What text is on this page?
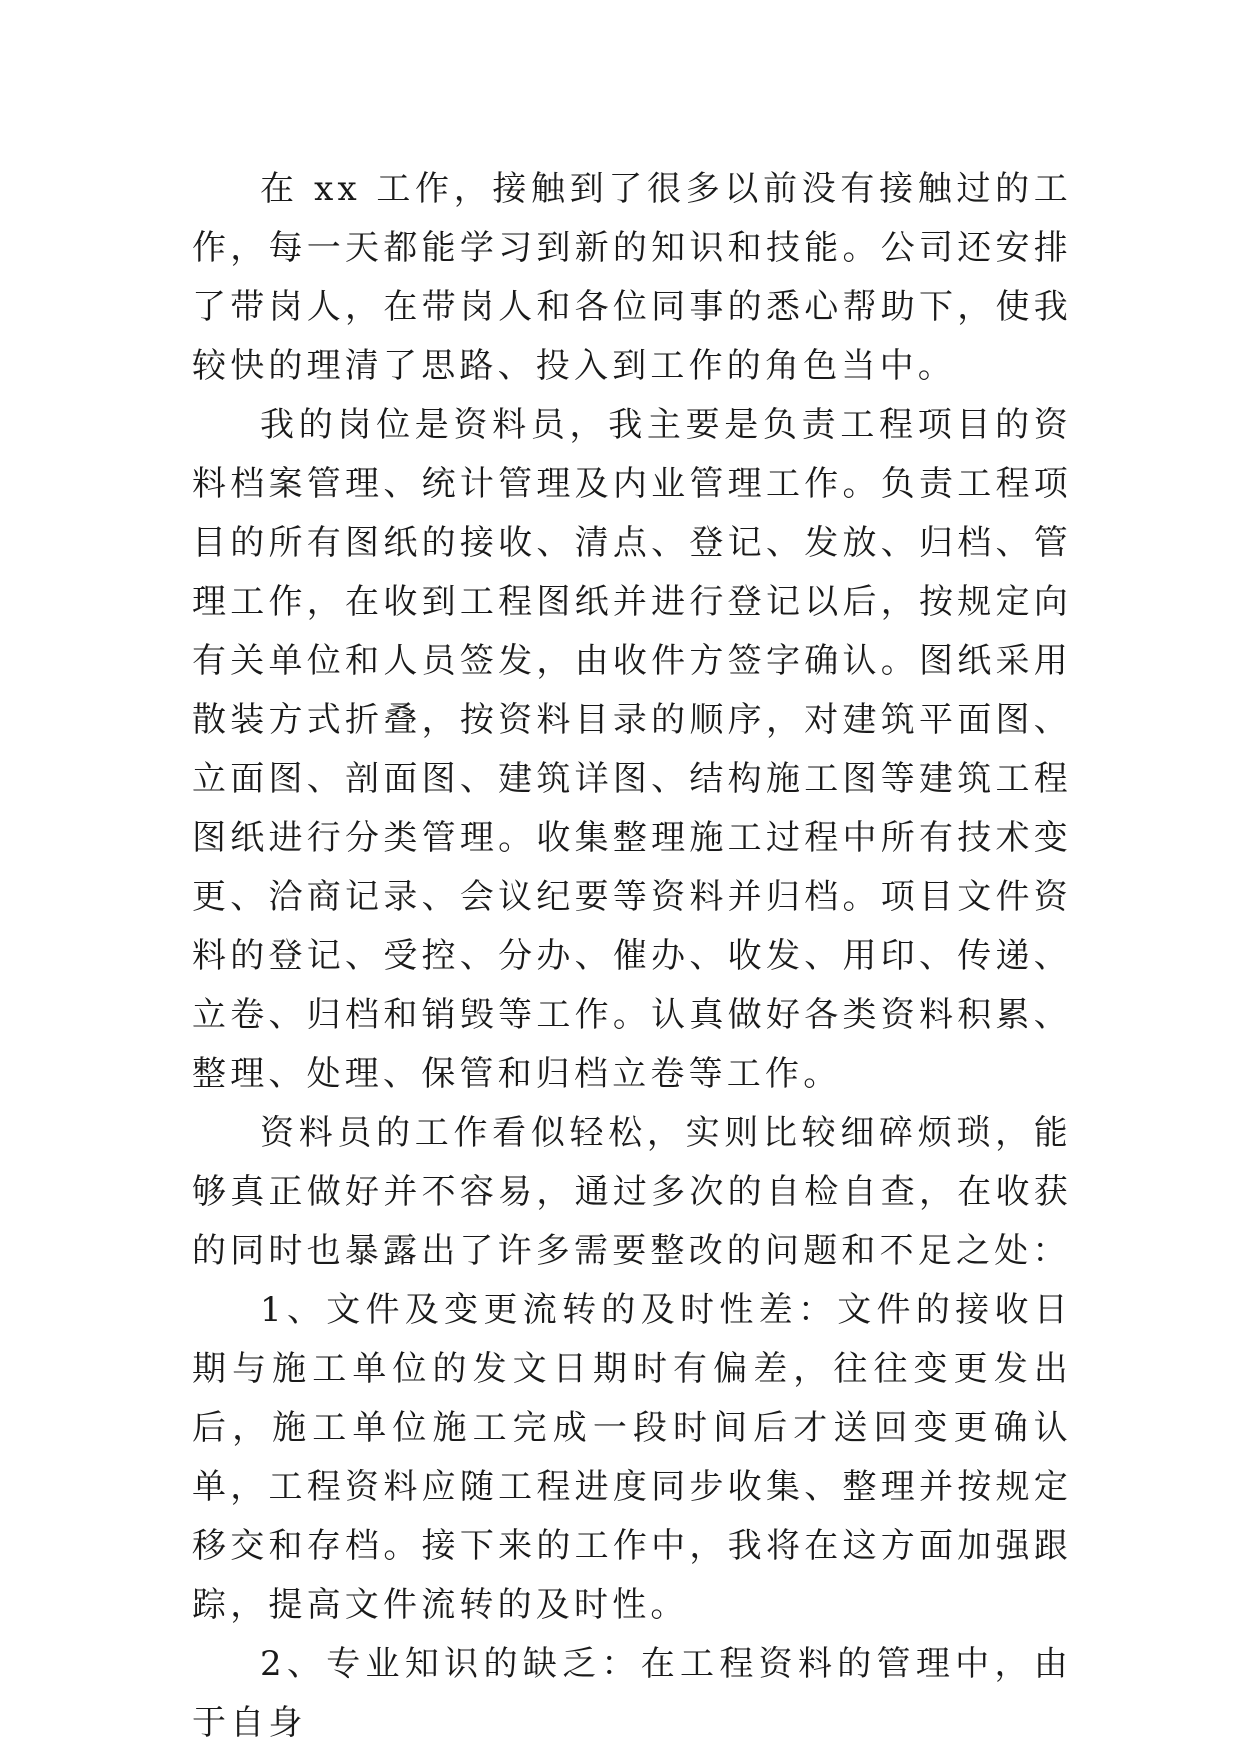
在 xx 工作，接触到了很多以前没有接触过的工作，每一天都能学习到新的知识和技能。公司还安排了带岗人，在带岗人和各位同事的悉心帮助下，使我较快的理清了思路、投入到工作的角色当中。

我的岗位是资料员，我主要是负责工程项目的资料档案管理、统计管理及内业管理工作。负责工程项目的所有图纸的接收、清点、登记、发放、归档、管理工作，在收到工程图纸并进行登记以后，按规定向有关单位和人员签发，由收件方签字确认。图纸采用散装方式折叠，按资料目录的顺序，对建筑平面图、立面图、剖面图、建筑详图、结构施工图等建筑工程图纸进行分类管理。收集整理施工过程中所有技术变更、洽商记录、会议纪要等资料并归档。项目文件资料的登记、受控、分办、催办、收发、用印、传递、立卷、归档和销毁等工作。认真做好各类资料积累、整理、处理、保管和归档立卷等工作。

资料员的工作看似轻松，实则比较细碎烦琐，能够真正做好并不容易，通过多次的自检自查，在收获的同时也暴露出了许多需要整改的问题和不足之处：

1、文件及变更流转的及时性差：文件的接收日期与施工单位的发文日期时有偏差，往往变更发出后，施工单位施工完成一段时间后才送回变更确认单，工程资料应随工程进度同步收集、整理并按规定移交和存档。接下来的工作中，我将在这方面加强跟踪，提高文件流转的及时性。

2、专业知识的缺乏：在工程资料的管理中，由于自身
